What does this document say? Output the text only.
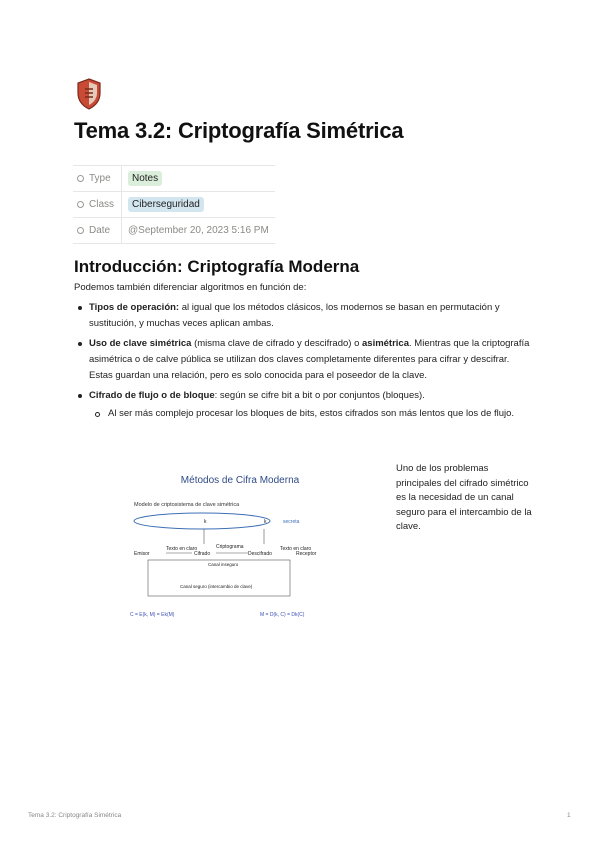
Tema 3.2: Criptografía Simétrica
Type	Notes
Class	Ciberseguridad
Date	@September 20, 2023 5:16 PM
Introducción: Criptografía Moderna

Podemos también diferenciar algoritmos en función de:

Tipos de operación: al igual que los métodos clásicos, los modernos se basan en permutación y sustitución, y muchas veces aplican ambas.
Uso de clave simétrica (misma clave de cifrado y descifrado) o asimétrica. Mientras que la criptografía asimétrica o de calve pública se utilizan dos claves completamente diferentes para cifrar y descifrar. Estas guardan una relación, pero es solo conocida para el poseedor de la clave.
Cifrado de flujo o de bloque: según se cifre bit a bit o por conjuntos (bloques).
Al ser más complejo procesar los bloques de bits, estos cifrados son más lentos que los de flujo.
Métodos de Cifra Moderna
Modelo de criptosistema de clave simétrica
k	k	secreta
Emisor
Texto en claro
Cifrado
Criptograma
Descifrado
Texto en claro
Receptor
Canal inseguro
Canal seguro (intercambio de clave)
C = E(k, M) = Ek(M)	M = D(k, C) = Dk(C)

Uno de los problemas principales del cifrado simétrico es la necesidad de un canal seguro para el intercambio de la clave.

Tema 3.2: Criptografía Simétrica	1
